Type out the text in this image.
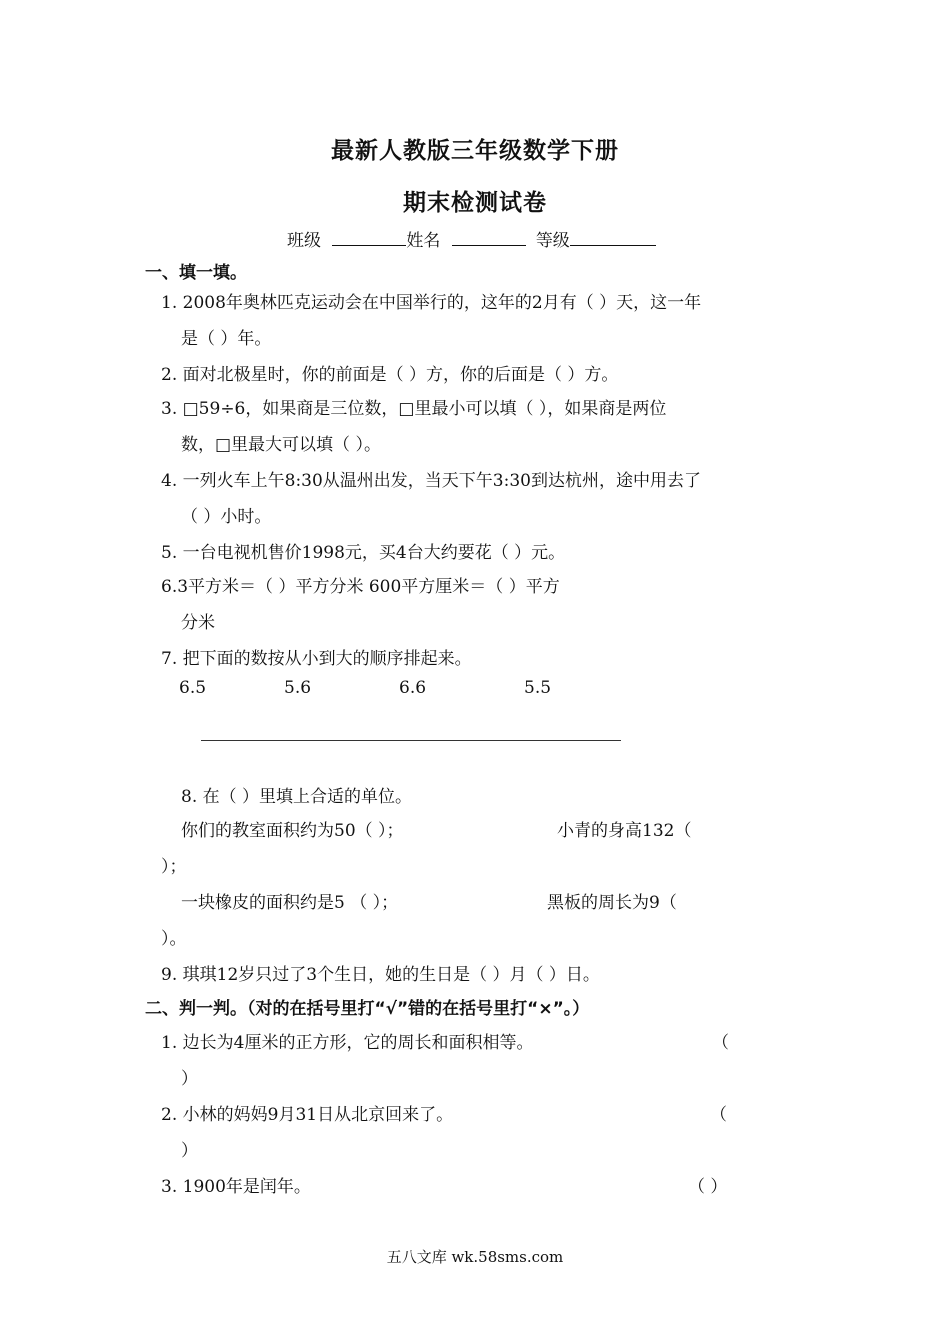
最新人教版三年级数学下册
期末检测试卷
班级	姓名	等级
一、填一填。
1. 2008年奥林匹克运动会在中国举行的，这年的2月有（ ）天，这一年
是（ ）年。
2. 面对北极星时，你的前面是（ ）方，你的后面是（ ）方。
3. □59÷6，如果商是三位数，□里最小可以填（ ），如果商是两位
数，□里最大可以填（ ）。
4. 一列火车上午8:30从温州出发，当天下午3:30到达杭州，途中用去了
（ ）小时。
5. 一台电视机售价1998元，买4台大约要花（ ）元。
6.3平方米＝（ ）平方分米 600平方厘米＝（ ）平方
分米
7. 把下面的数按从小到大的顺序排起来。
6.5	5.6	6.6	5.5
8. 在（ ）里填上合适的单位。
你们的教室面积约为50（ ）；	小青的身高132（
）；
一块橡皮的面积约是5 （ ）；	黑板的周长为9（
）。
9. 琪琪12岁只过了3个生日，她的生日是（ ）月（ ）日。
二、判一判。（对的在括号里打“√”错的在括号里打“×”。）
1. 边长为4厘米的正方形，它的周长和面积相等。	（
）
2. 小林的妈妈9月31日从北京回来了。	（
）
3. 1900年是闰年。	（ ）
五八文库 wk.58sms.com
